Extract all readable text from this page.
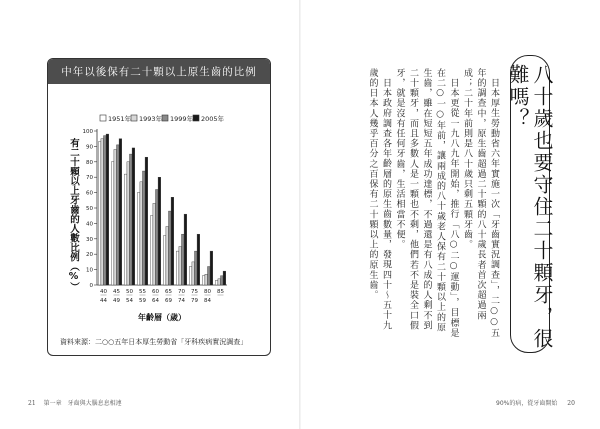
中年以後保有二十顆以上原生齒的比例
1951年 1993年 1999年 2005年
0
10
20
30
40
50
60
70
80
90
100
40
44
45
49
50
54
55
59
60
64
65
69
70
74
75
79
80
84
85
年齡層（歲）
有二十顆以上牙齒的人數比例（%）
資料來源：二○○五年日本厚生勞動省「牙科疾病實況調查」
21 第一章　牙齒與大腦息息相連
八十歲也要守住二十顆牙，很難嗎？

日本厚生勞動省六年實施一次「牙齒實況調查」，二○○五年的調查中，原生齒超過二十顆的八十歲長者首次超過兩成；二十年前則是八十歲只剩五顆牙齒。

日本更從一九八九年開始，推行「八○二○運動」，目標是在二○一○年前，讓兩成的八十歲老人保有二十顆以上的原生齒，雖在短短五年成功達標，不過還是有八成的人剩不到二十顆牙，而且多數人是一顆也不剩，他們若不是裝全口假牙，就是沒有任何牙齒，生活相當不便。

日本政府調查各年齡層的原生齒數量，發現四十～五十九歲的日本人幾乎百分之百保有二十顆以上的原生齒。

90%的病，從牙齒開始 20
